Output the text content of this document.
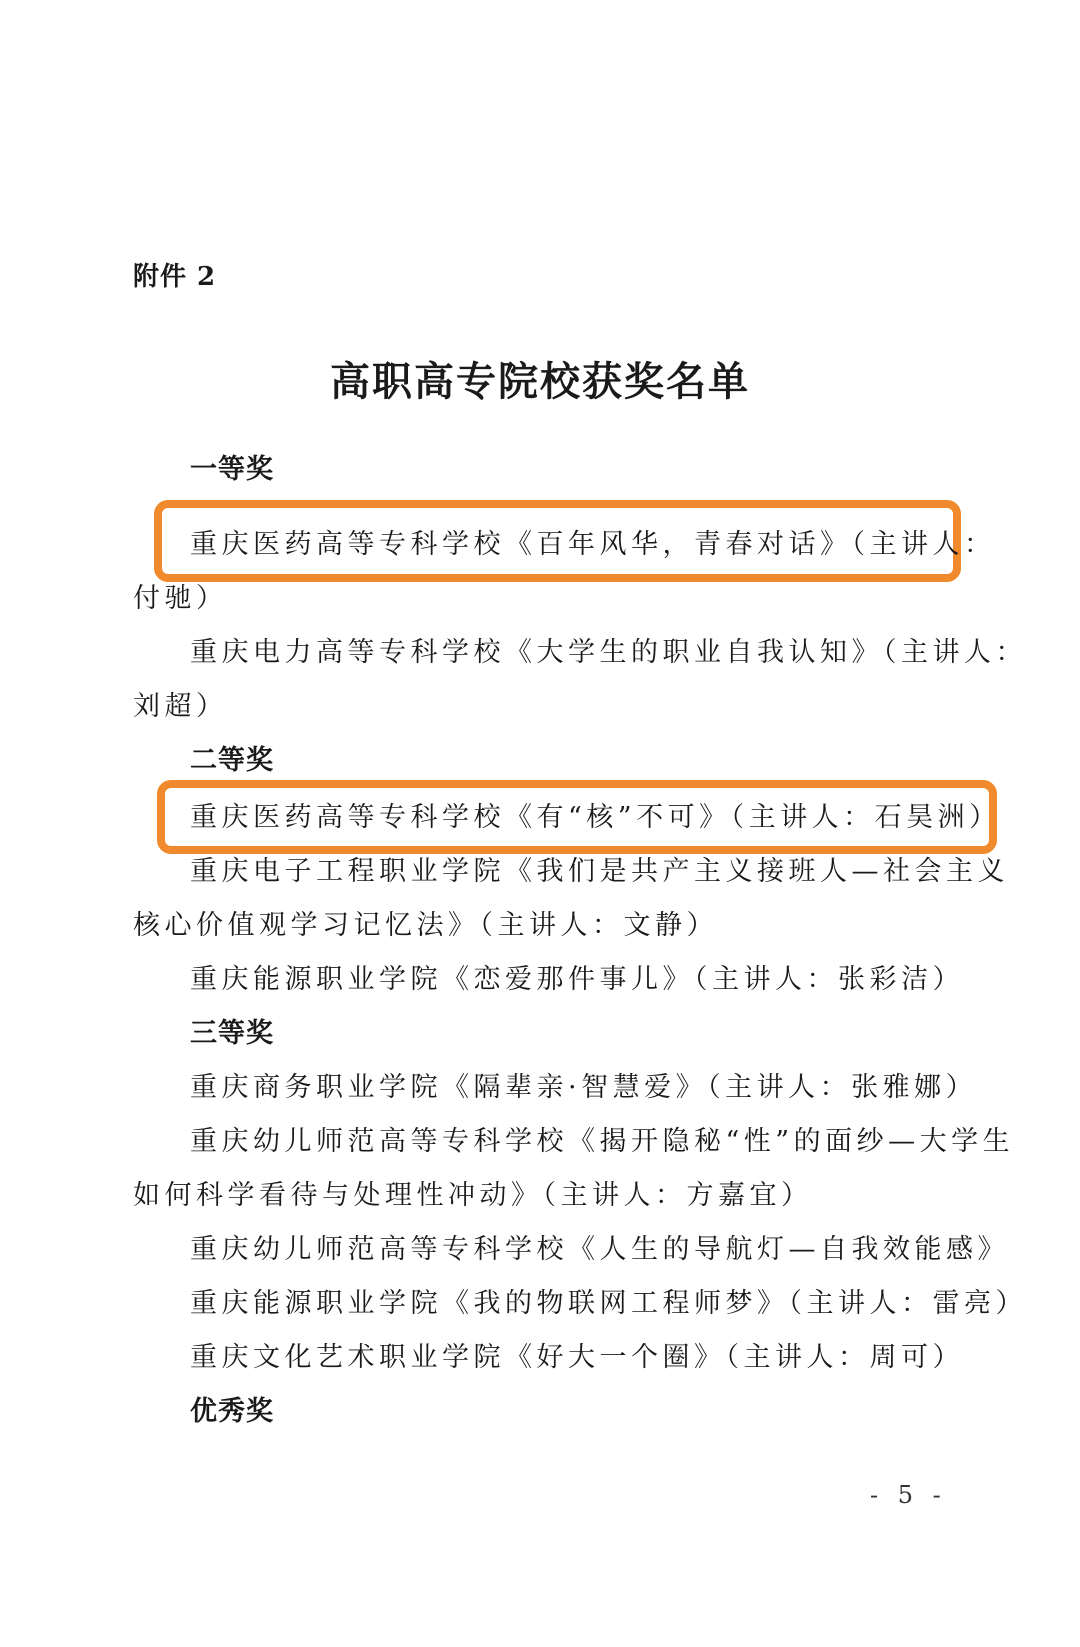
附件 2
高职高专院校获奖名单
一等奖
重庆医药高等专科学校《百年风华，青春对话》（主讲人：
付驰）
重庆电力高等专科学校《大学生的职业自我认知》（主讲人：
刘超）
二等奖
重庆医药高等专科学校《有“核”不可》（主讲人：石昊洲）
重庆电子工程职业学院《我们是共产主义接班人—社会主义
核心价值观学习记忆法》（主讲人：文静）
重庆能源职业学院《恋爱那件事儿》（主讲人：张彩洁）
三等奖
重庆商务职业学院《隔辈亲·智慧爱》（主讲人：张雅娜）
重庆幼儿师范高等专科学校《揭开隐秘“性”的面纱—大学生
如何科学看待与处理性冲动》（主讲人：方嘉宜）
重庆幼儿师范高等专科学校《人生的导航灯—自我效能感》
重庆能源职业学院《我的物联网工程师梦》（主讲人：雷亮）
重庆文化艺术职业学院《好大一个圈》（主讲人：周可）
优秀奖
- 5 -
